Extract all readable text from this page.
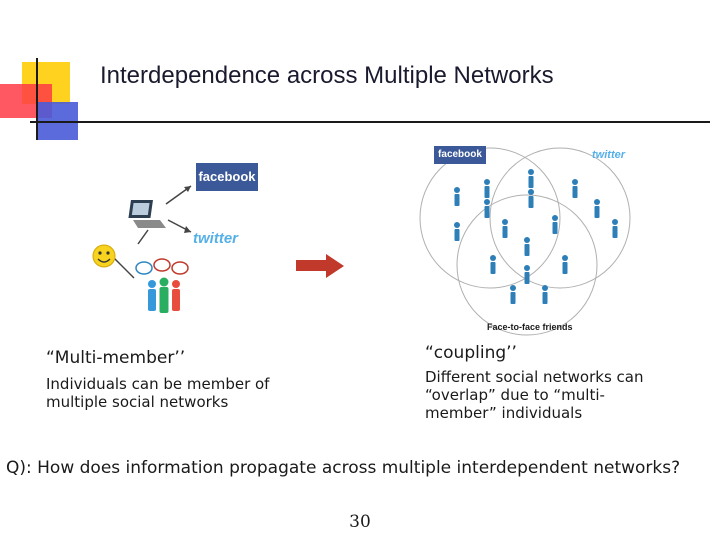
Interdependence across Multiple Networks
facebook
twitter
facebook	twitter
Face-to-face friends
“Multi-member’’
Individuals can be member of multiple social networks
“coupling’’
Different social networks can “overlap” due to “multi-member” individuals
Q): How does information propagate across multiple interdependent networks?
30
